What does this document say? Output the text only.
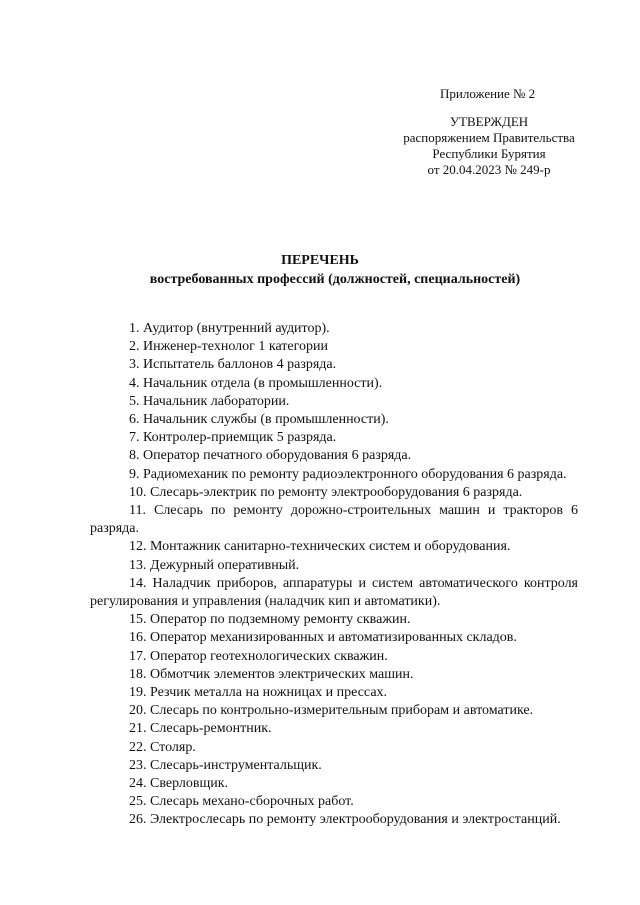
Приложение № 2
УТВЕРЖДЕН
распоряжением Правительства
Республики Бурятия
от 20.04.2023 № 249-р
ПЕРЕЧЕНЬ
востребованных профессий (должностей, специальностей)
1. Аудитор (внутренний аудитор).
2. Инженер-технолог 1 категории
3. Испытатель баллонов 4 разряда.
4. Начальник отдела (в промышленности).
5. Начальник лаборатории.
6. Начальник службы (в промышленности).
7. Контролер-приемщик 5 разряда.
8. Оператор печатного оборудования 6 разряда.
9. Радиомеханик по ремонту радиоэлектронного оборудования 6 разряда.
10. Слесарь-электрик по ремонту электрооборудования 6 разряда.
11. Слесарь по ремонту дорожно-строительных машин и тракторов 6 разряда.
12. Монтажник санитарно-технических систем и оборудования.
13. Дежурный оперативный.
14. Наладчик приборов, аппаратуры и систем автоматического контроля регулирования и управления (наладчик кип и автоматики).
15. Оператор по подземному ремонту скважин.
16. Оператор механизированных и автоматизированных складов.
17. Оператор геотехнологических скважин.
18. Обмотчик элементов электрических машин.
19. Резчик металла на ножницах и прессах.
20. Слесарь по контрольно-измерительным приборам и автоматике.
21. Слесарь-ремонтник.
22. Столяр.
23. Слесарь-инструментальщик.
24. Сверловщик.
25. Слесарь механо-сборочных работ.
26. Электрослесарь по ремонту электрооборудования и электростанций.
